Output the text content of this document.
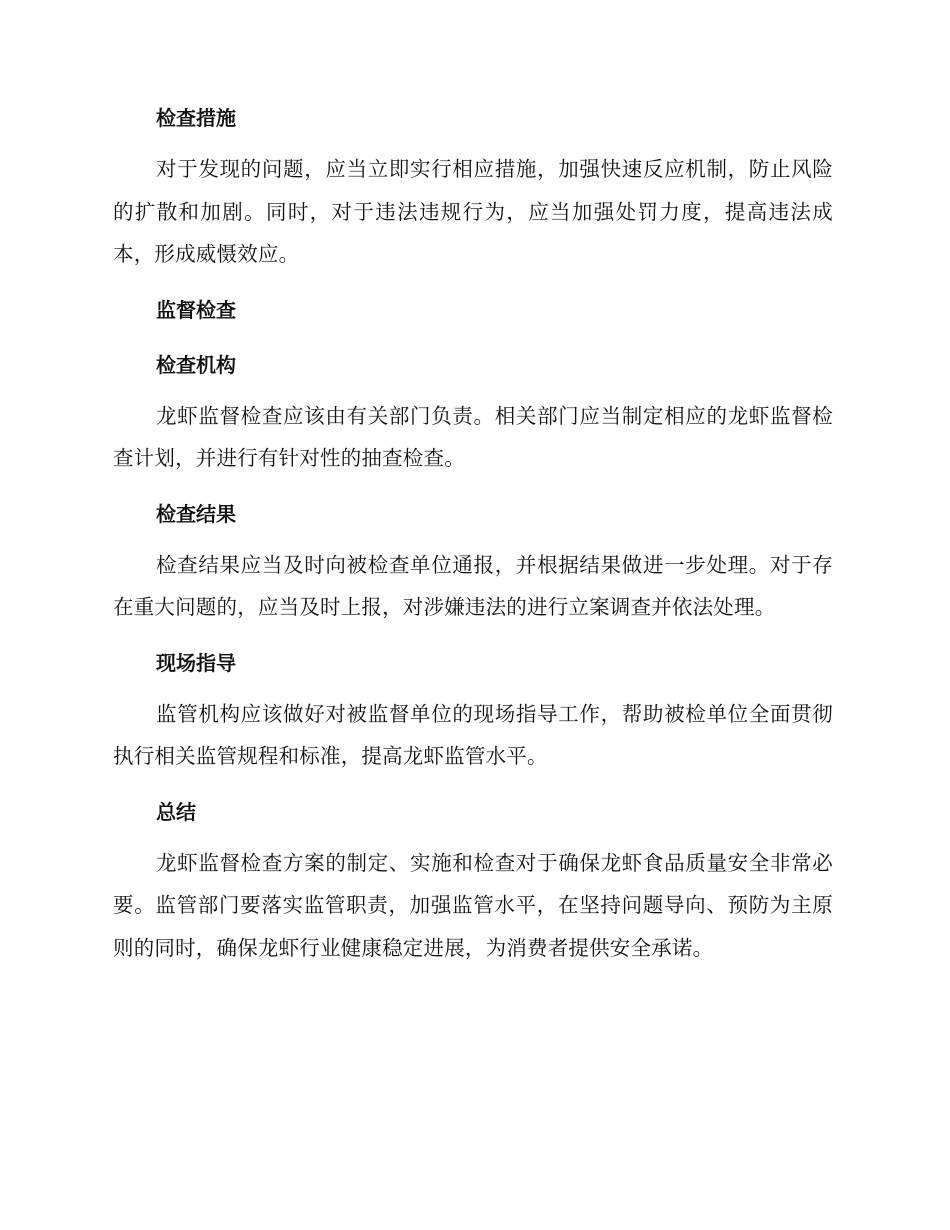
检查措施

对于发现的问题，应当立即实行相应措施，加强快速反应机制，防止风险的扩散和加剧。同时，对于违法违规行为，应当加强处罚力度，提高违法成本，形成威慑效应。

监督检查
检查机构

龙虾监督检查应该由有关部门负责。相关部门应当制定相应的龙虾监督检查计划，并进行有针对性的抽查检查。

检查结果

检查结果应当及时向被检查单位通报，并根据结果做进一步处理。对于存在重大问题的，应当及时上报，对涉嫌违法的进行立案调查并依法处理。

现场指导

监管机构应该做好对被监督单位的现场指导工作，帮助被检单位全面贯彻执行相关监管规程和标准，提高龙虾监管水平。

总结

龙虾监督检查方案的制定、实施和检查对于确保龙虾食品质量安全非常必要。监管部门要落实监管职责，加强监管水平，在坚持问题导向、预防为主原则的同时，确保龙虾行业健康稳定进展，为消费者提供安全承诺。
